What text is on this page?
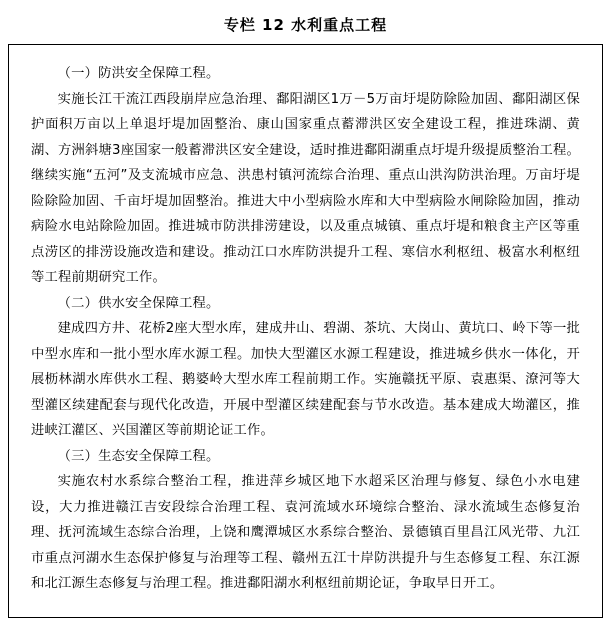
专栏 12 水利重点工程

（一）防洪安全保障工程。

实施长江干流江西段崩岸应急治理、鄱阳湖区1万－5万亩圩堤防除险加固、鄱阳湖区保护面积万亩以上单退圩堤加固整治、康山国家重点蓄滞洪区安全建设工程，推进珠湖、黄湖、方洲斜塘3座国家一般蓄滞洪区安全建设，适时推进鄱阳湖重点圩堤升级提质整治工程。继续实施“五河”及支流城市应急、洪患村镇河流综合治理、重点山洪沟防洪治理。万亩圩堤险除险加固、千亩圩堤加固整治。推进大中小型病险水库和大中型病险水闸除险加固，推动病险水电站除险加固。推进城市防洪排涝建设，以及重点城镇、重点圩堤和粮食主产区等重点涝区的排涝设施改造和建设。推动江口水库防洪提升工程、寒信水利枢纽、极富水利枢纽等工程前期研究工作。

（二）供水安全保障工程。

建成四方井、花桥2座大型水库，建成井山、碧湖、茶坑、大岗山、黄坑口、岭下等一批中型水库和一批小型水库水源工程。加快大型灌区水源工程建设，推进城乡供水一体化，开展枥林湖水库供水工程、鹅婆岭大型水库工程前期工作。实施赣抚平原、袁惠渠、潦河等大型灌区续建配套与现代化改造，开展中型灌区续建配套与节水改造。基本建成大坳灌区，推进峡江灌区、兴国灌区等前期论证工作。

（三）生态安全保障工程。

实施农村水系综合整治工程，推进萍乡城区地下水超采区治理与修复、绿色小水电建设，大力推进赣江吉安段综合治理工程、袁河流域水环境综合整治、渌水流域生态修复治理、抚河流域生态综合治理，上饶和鹰潭城区水系综合整治、景德镇百里昌江风光带、九江市重点河湖水生态保护修复与治理等工程、赣州五江十岸防洪提升与生态修复工程、东江源和北江源生态修复与治理工程。推进鄱阳湖水利枢纽前期论证，争取早日开工。
